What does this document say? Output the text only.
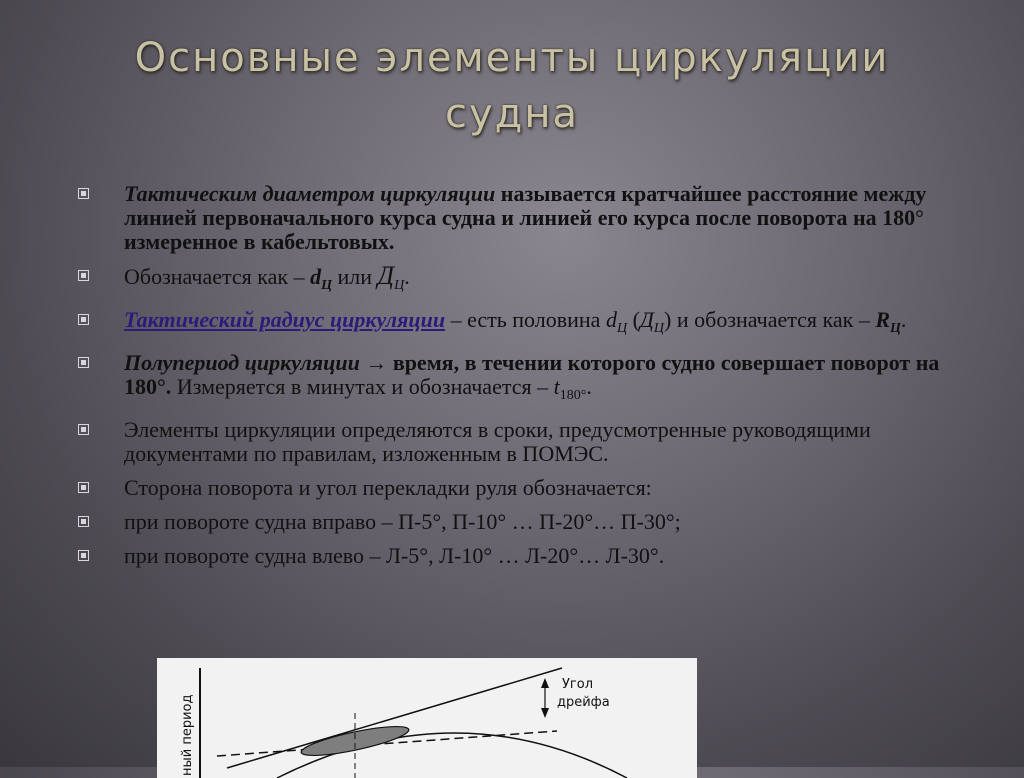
Основные элементы циркуляции
судна
Тактическим диаметром циркуляции называется кратчайшее расстояние между линией первоначального курса судна и линией его курса после поворота на 180° измеренное в кабельтовых.
Обозначается как – $d_Ц$ или $Д_Ц$.
Тактический радиус циркуляции – есть половина $d_Ц$ $(Д_Ц)$ и обозначается как – $R_Ц$.
Полупериод циркуляции → время, в течении которого судно совершает поворот на 180°. Измеряется в минутах и обозначается – $t_{180^\circ}$.
Элементы циркуляции определяются в сроки, предусмотренные руководящими документами по правилам, изложенным в ПОМЭС.
Сторона поворота и угол перекладки руля обозначается:
при повороте судна вправо – П-5°, П-10° … П-20°… П-30°;
при повороте судна влево – Л-5°, Л-10° … Л-20°… Л-30°.
ный период
Угол
дрейфа
